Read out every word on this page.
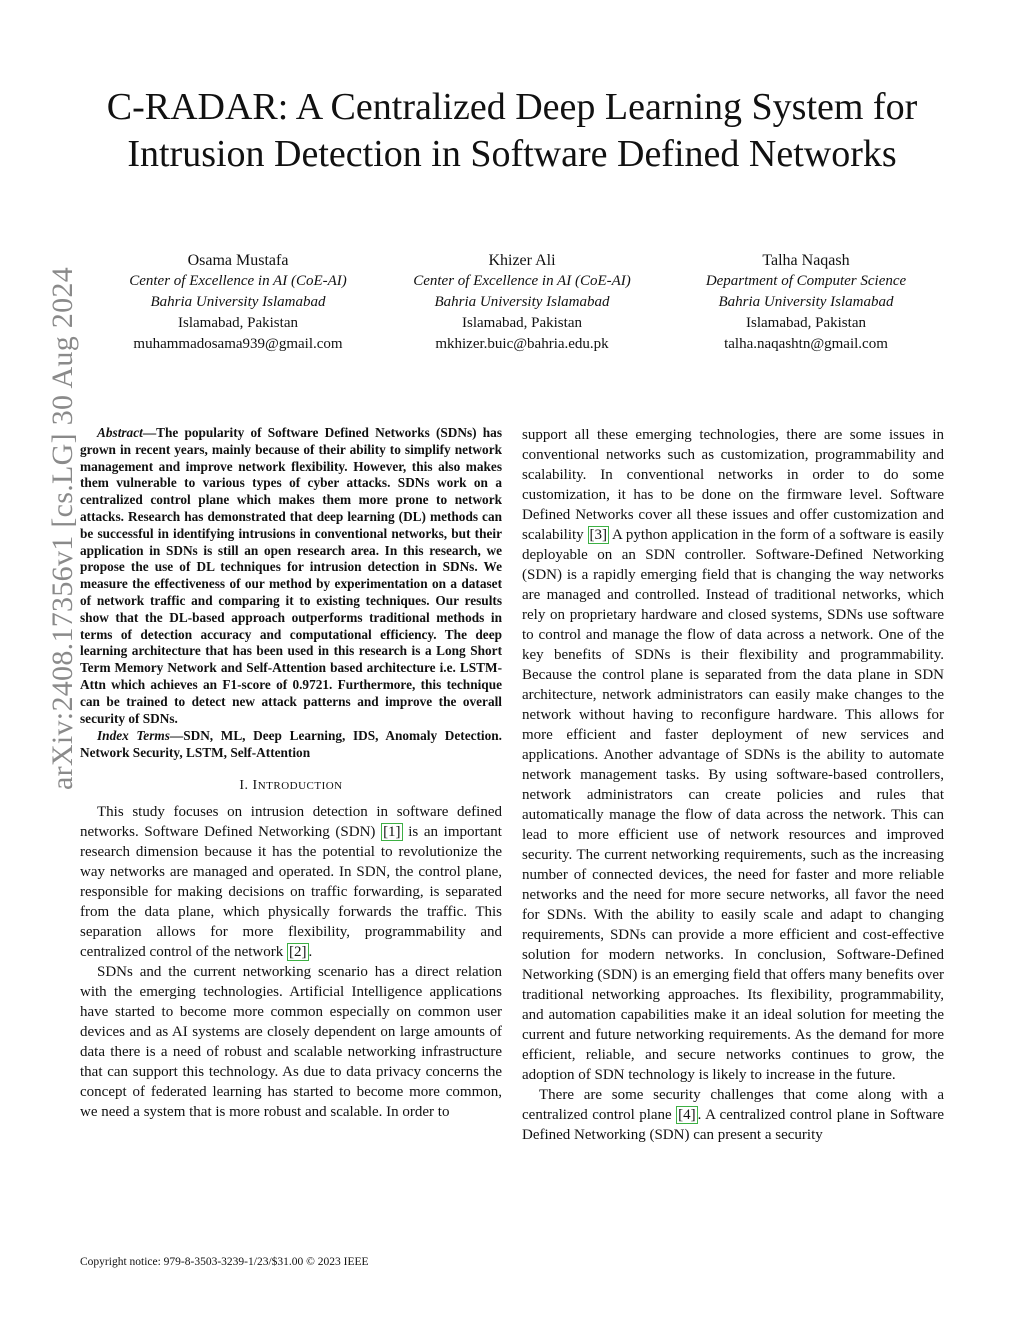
arXiv:2408.17356v1 [cs.LG] 30 Aug 2024
C-RADAR: A Centralized Deep Learning System for Intrusion Detection in Software Defined Networks
Osama Mustafa
Center of Excellence in AI (CoE-AI)
Bahria University Islamabad
Islamabad, Pakistan
muhammadosama939@gmail.com
Khizer Ali
Center of Excellence in AI (CoE-AI)
Bahria University Islamabad
Islamabad, Pakistan
mkhizer.buic@bahria.edu.pk
Talha Naqash
Department of Computer Science
Bahria University Islamabad
Islamabad, Pakistan
talha.naqashtn@gmail.com

Abstract—The popularity of Software Defined Networks (SDNs) has grown in recent years, mainly because of their ability to simplify network management and improve network flexibility. However, this also makes them vulnerable to various types of cyber attacks. SDNs work on a centralized control plane which makes them more prone to network attacks. Research has demonstrated that deep learning (DL) methods can be successful in identifying intrusions in conventional networks, but their application in SDNs is still an open research area. In this research, we propose the use of DL techniques for intrusion detection in SDNs. We measure the effectiveness of our method by experimentation on a dataset of network traffic and comparing it to existing techniques. Our results show that the DL-based approach outperforms traditional methods in terms of detection accuracy and computational efficiency. The deep learning architecture that has been used in this research is a Long Short Term Memory Network and Self-Attention based architecture i.e. LSTM-Attn which achieves an F1-score of 0.9721. Furthermore, this technique can be trained to detect new attack patterns and improve the overall security of SDNs.

Index Terms—SDN, ML, Deep Learning, IDS, Anomaly Detection. Network Security, LSTM, Self-Attention

I. INTRODUCTION

This study focuses on intrusion detection in software defined networks. Software Defined Networking (SDN) [1] is an important research dimension because it has the potential to revolutionize the way networks are managed and operated. In SDN, the control plane, responsible for making decisions on traffic forwarding, is separated from the data plane, which physically forwards the traffic. This separation allows for more flexibility, programmability and centralized control of the network [2] .

SDNs and the current networking scenario has a direct relation with the emerging technologies. Artificial Intelligence applications have started to become more common especially on common user devices and as AI systems are closely dependent on large amounts of data there is a need of robust and scalable networking infrastructure that can support this technology. As due to data privacy concerns the concept of federated learning has started to become more common, we need a system that is more robust and scalable. In order to

support all these emerging technologies, there are some issues in conventional networks such as customization, programmability and scalability. In conventional networks in order to do some customization, it has to be done on the firmware level. Software Defined Networks cover all these issues and offer customization and scalability [3] A python application in the form of a software is easily deployable on an SDN controller. Software-Defined Networking (SDN) is a rapidly emerging field that is changing the way networks are managed and controlled. Instead of traditional networks, which rely on proprietary hardware and closed systems, SDNs use software to control and manage the flow of data across a network. One of the key benefits of SDNs is their flexibility and programmability. Because the control plane is separated from the data plane in SDN architecture, network administrators can easily make changes to the network without having to reconfigure hardware. This allows for more efficient and faster deployment of new services and applications. Another advantage of SDNs is the ability to automate network management tasks. By using software-based controllers, network administrators can create policies and rules that automatically manage the flow of data across the network. This can lead to more efficient use of network resources and improved security. The current networking requirements, such as the increasing number of connected devices, the need for faster and more reliable networks and the need for more secure networks, all favor the need for SDNs. With the ability to easily scale and adapt to changing requirements, SDNs can provide a more efficient and cost-effective solution for modern networks. In conclusion, Software-Defined Networking (SDN) is an emerging field that offers many benefits over traditional networking approaches. Its flexibility, programmability, and automation capabilities make it an ideal solution for meeting the current and future networking requirements. As the demand for more efficient, reliable, and secure networks continues to grow, the adoption of SDN technology is likely to increase in the future.

There are some security challenges that come along with a centralized control plane [4] . A centralized control plane in Software Defined Networking (SDN) can present a security

Copyright notice: 979-8-3503-3239-1/23/$31.00 © 2023 IEEE
